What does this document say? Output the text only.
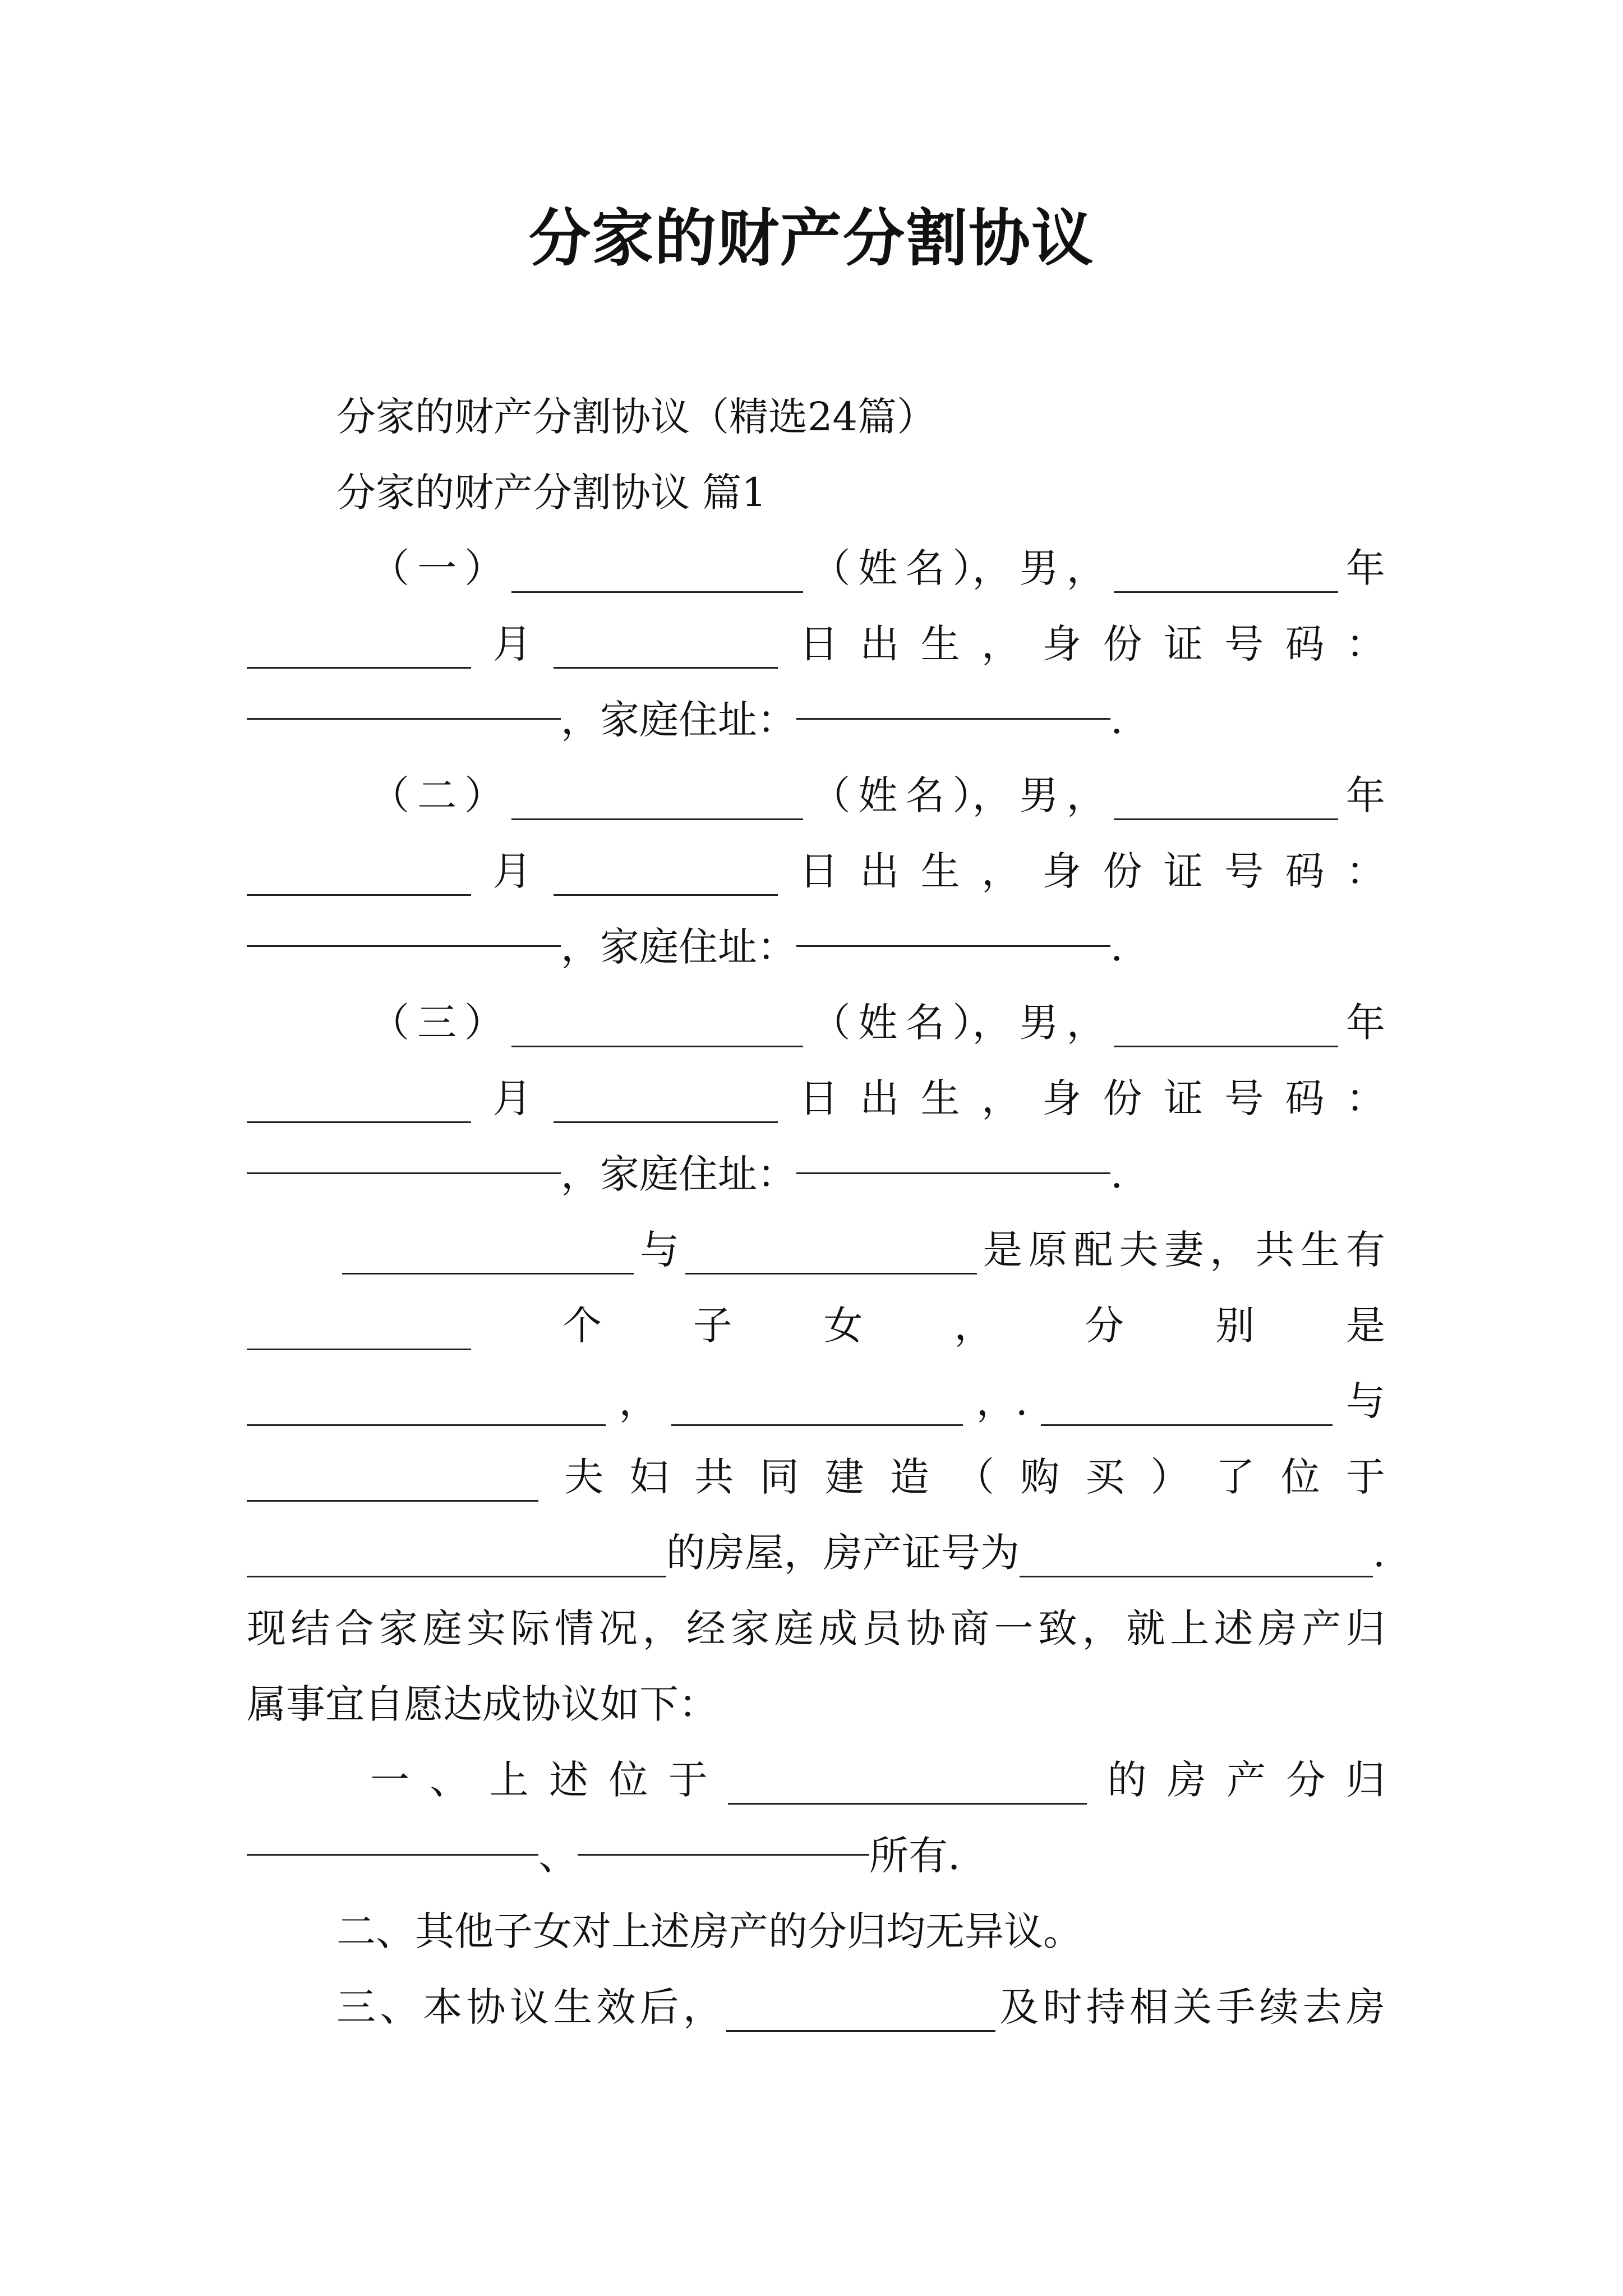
分家的财产分割协议
分家的财产分割协议（精选24篇）
分家的财产分割协议 篇1
（ 一 ）	（ 姓 名 ）， 男 ，	年
月	日 出 生 ， 身 份 证 号 码 ：
，家庭住址：	.
（ 二 ）	（ 姓 名 ）， 男 ，	年
月	日 出 生 ， 身 份 证 号 码 ：
，家庭住址：	.
（ 三 ）	（ 姓 名 ）， 男 ，	年
月	日 出 生 ， 身 份 证 号 码 ：
，家庭住址：	.
与	是 原 配 夫 妻 ， 共 生 有
个 子 女 ， 分 别 是
，	，.	与
夫 妇 共 同 建 造 （ 购 买 ） 了 位 于
的房屋，房产证号为	.
现 结 合 家 庭 实 际 情 况 ， 经 家 庭 成 员 协 商 一 致 ， 就 上 述 房 产 归
属事宜自愿达成协议如下：
一 、 上 述 位 于	的 房 产 分 归
、	所有.
二、其他子女对上述房产的分归均无异议。
三 、 本 协 议 生 效 后 ，	及 时 持 相 关 手 续 去 房
